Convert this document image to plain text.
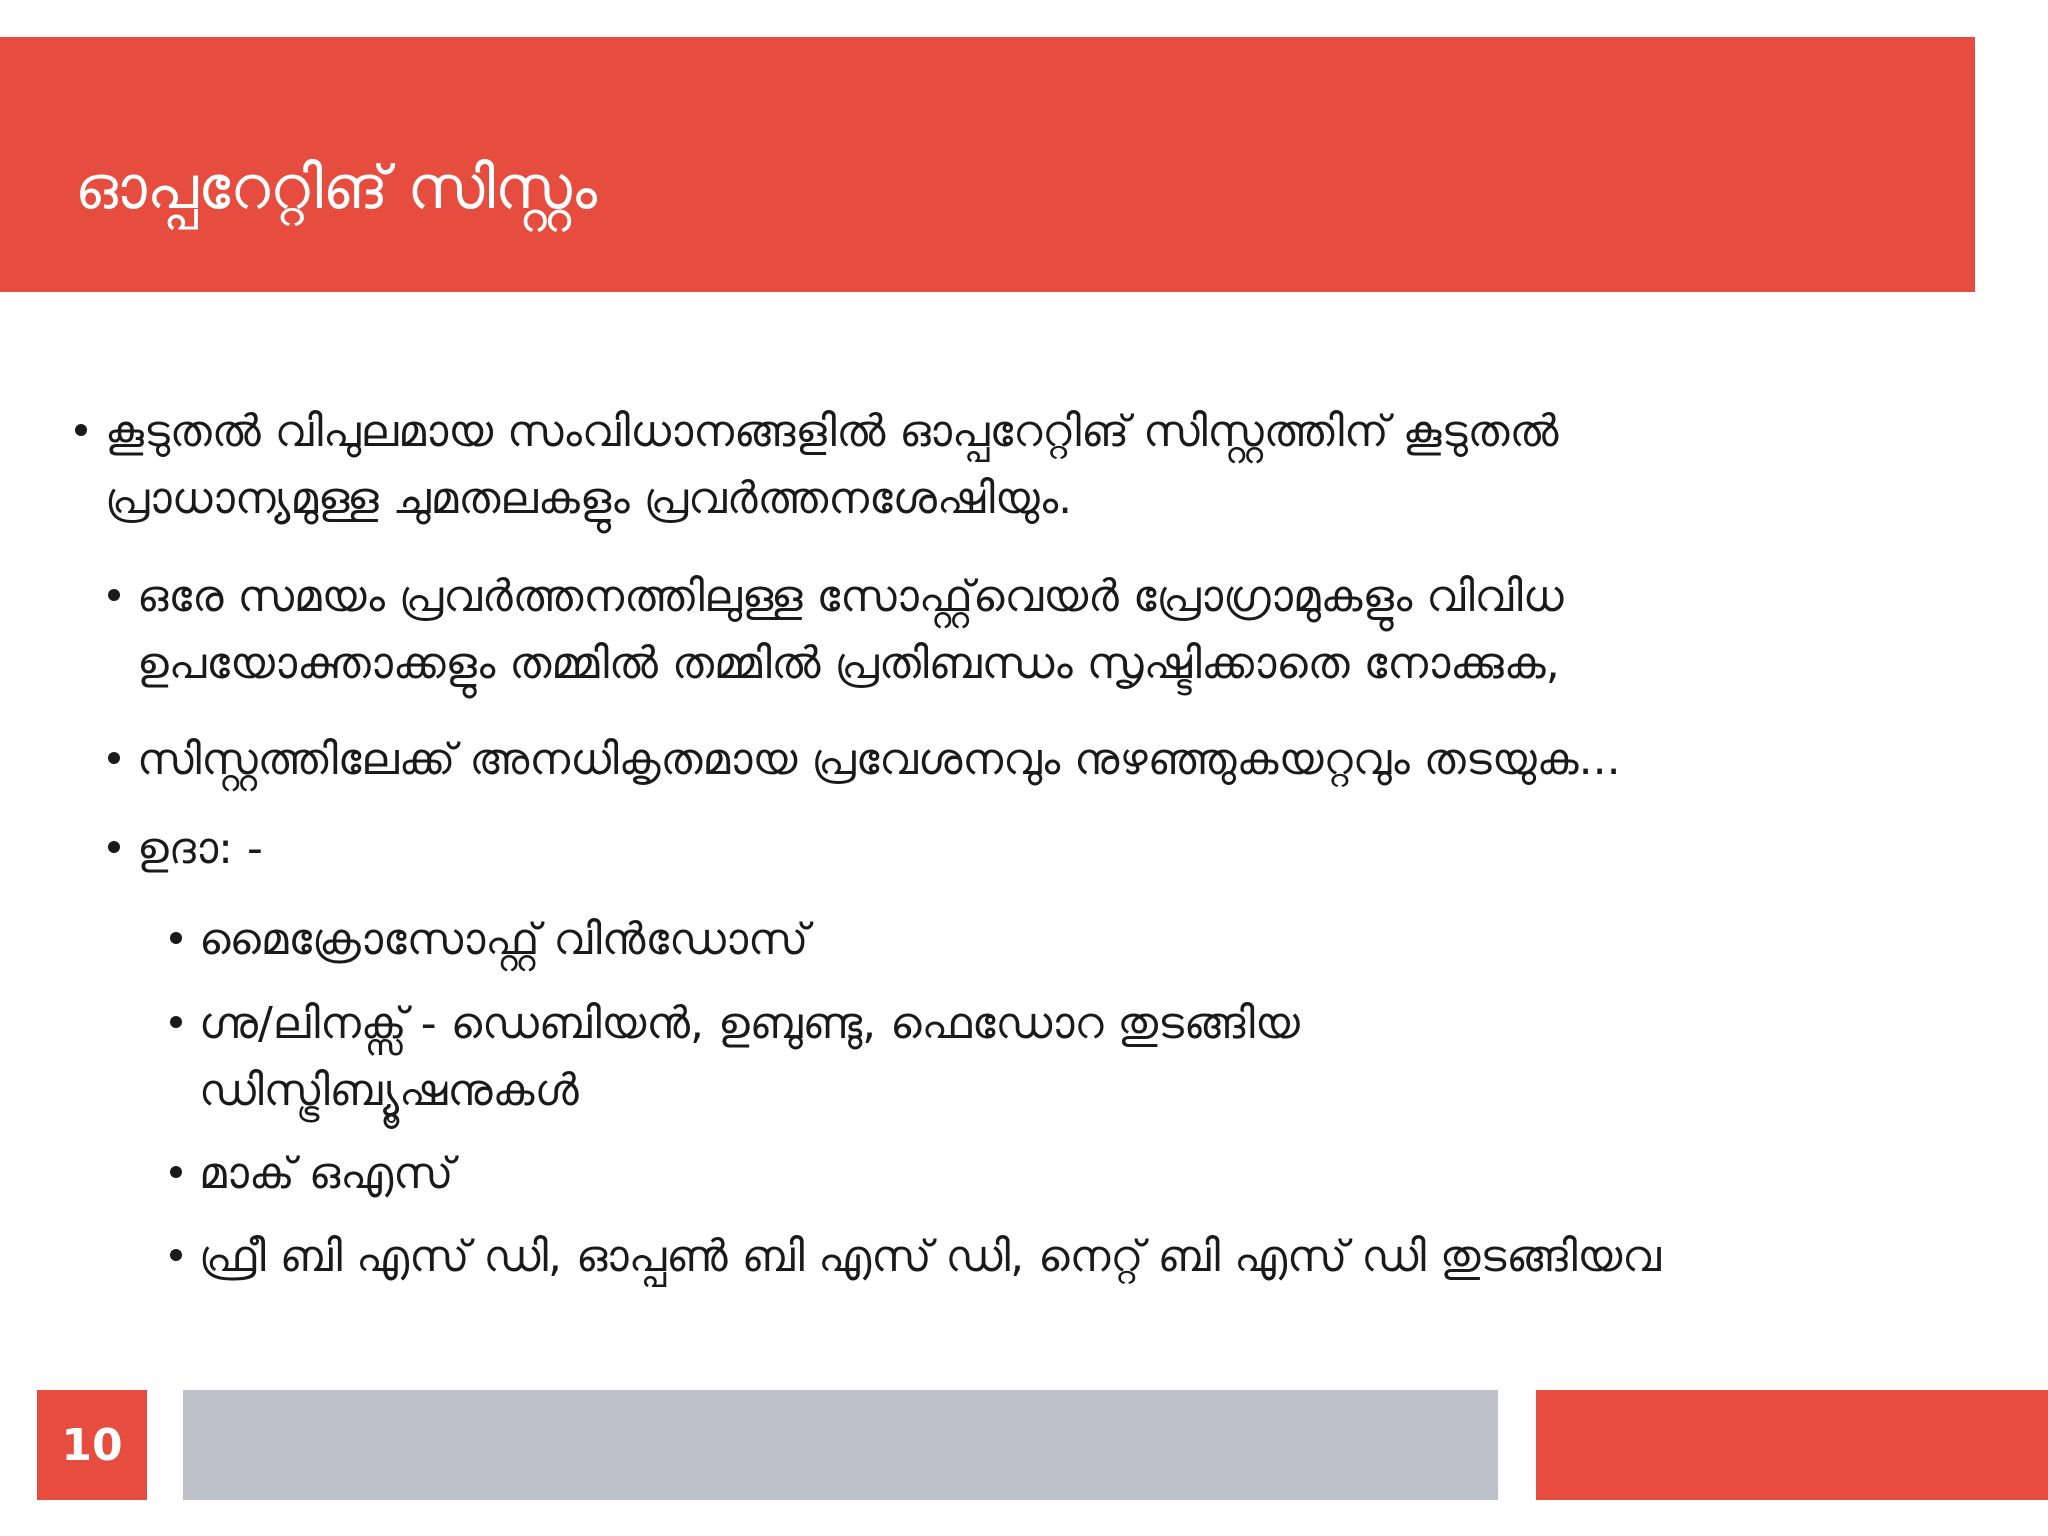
ഓപ്പറേറ്റിങ് സിസ്റ്റം
കൂടുതൽ വിപുലമായ സംവിധാനങ്ങളിൽ ഓപ്പറേറ്റിങ് സിസ്റ്റത്തിന് കൂടുതൽ
പ്രാധാന്യമുള്ള ചുമതലകളും പ്രവർത്തനശേഷിയും.
ഒരേ സമയം പ്രവർത്തനത്തിലുള്ള സോഫ്റ്റ്‌വെയർ പ്രോഗ്രാമുകളും വിവിധ
ഉപയോക്താക്കളും തമ്മിൽ തമ്മിൽ പ്രതിബന്ധം സൃഷ്ടിക്കാതെ നോക്കുക,
സിസ്റ്റത്തിലേക്ക് അനധികൃതമായ പ്രവേശനവും നുഴഞ്ഞുകയറ്റവും തടയുക...
ഉദാ: -
മൈക്രോസോഫ്റ്റ് വിൻഡോസ്
ഗ്നു/ലിനക്സ് - ഡെബിയൻ, ഉബുണ്ടു, ഫെഡോറ തുടങ്ങിയ
ഡിസ്ട്രിബ്യൂഷനുകൾ
മാക് ഒഎസ്
ഫ്രീ ബി എസ് ഡി, ഓപ്പൺ ബി എസ് ഡി, നെറ്റ് ബി എസ് ഡി തുടങ്ങിയവ
10
